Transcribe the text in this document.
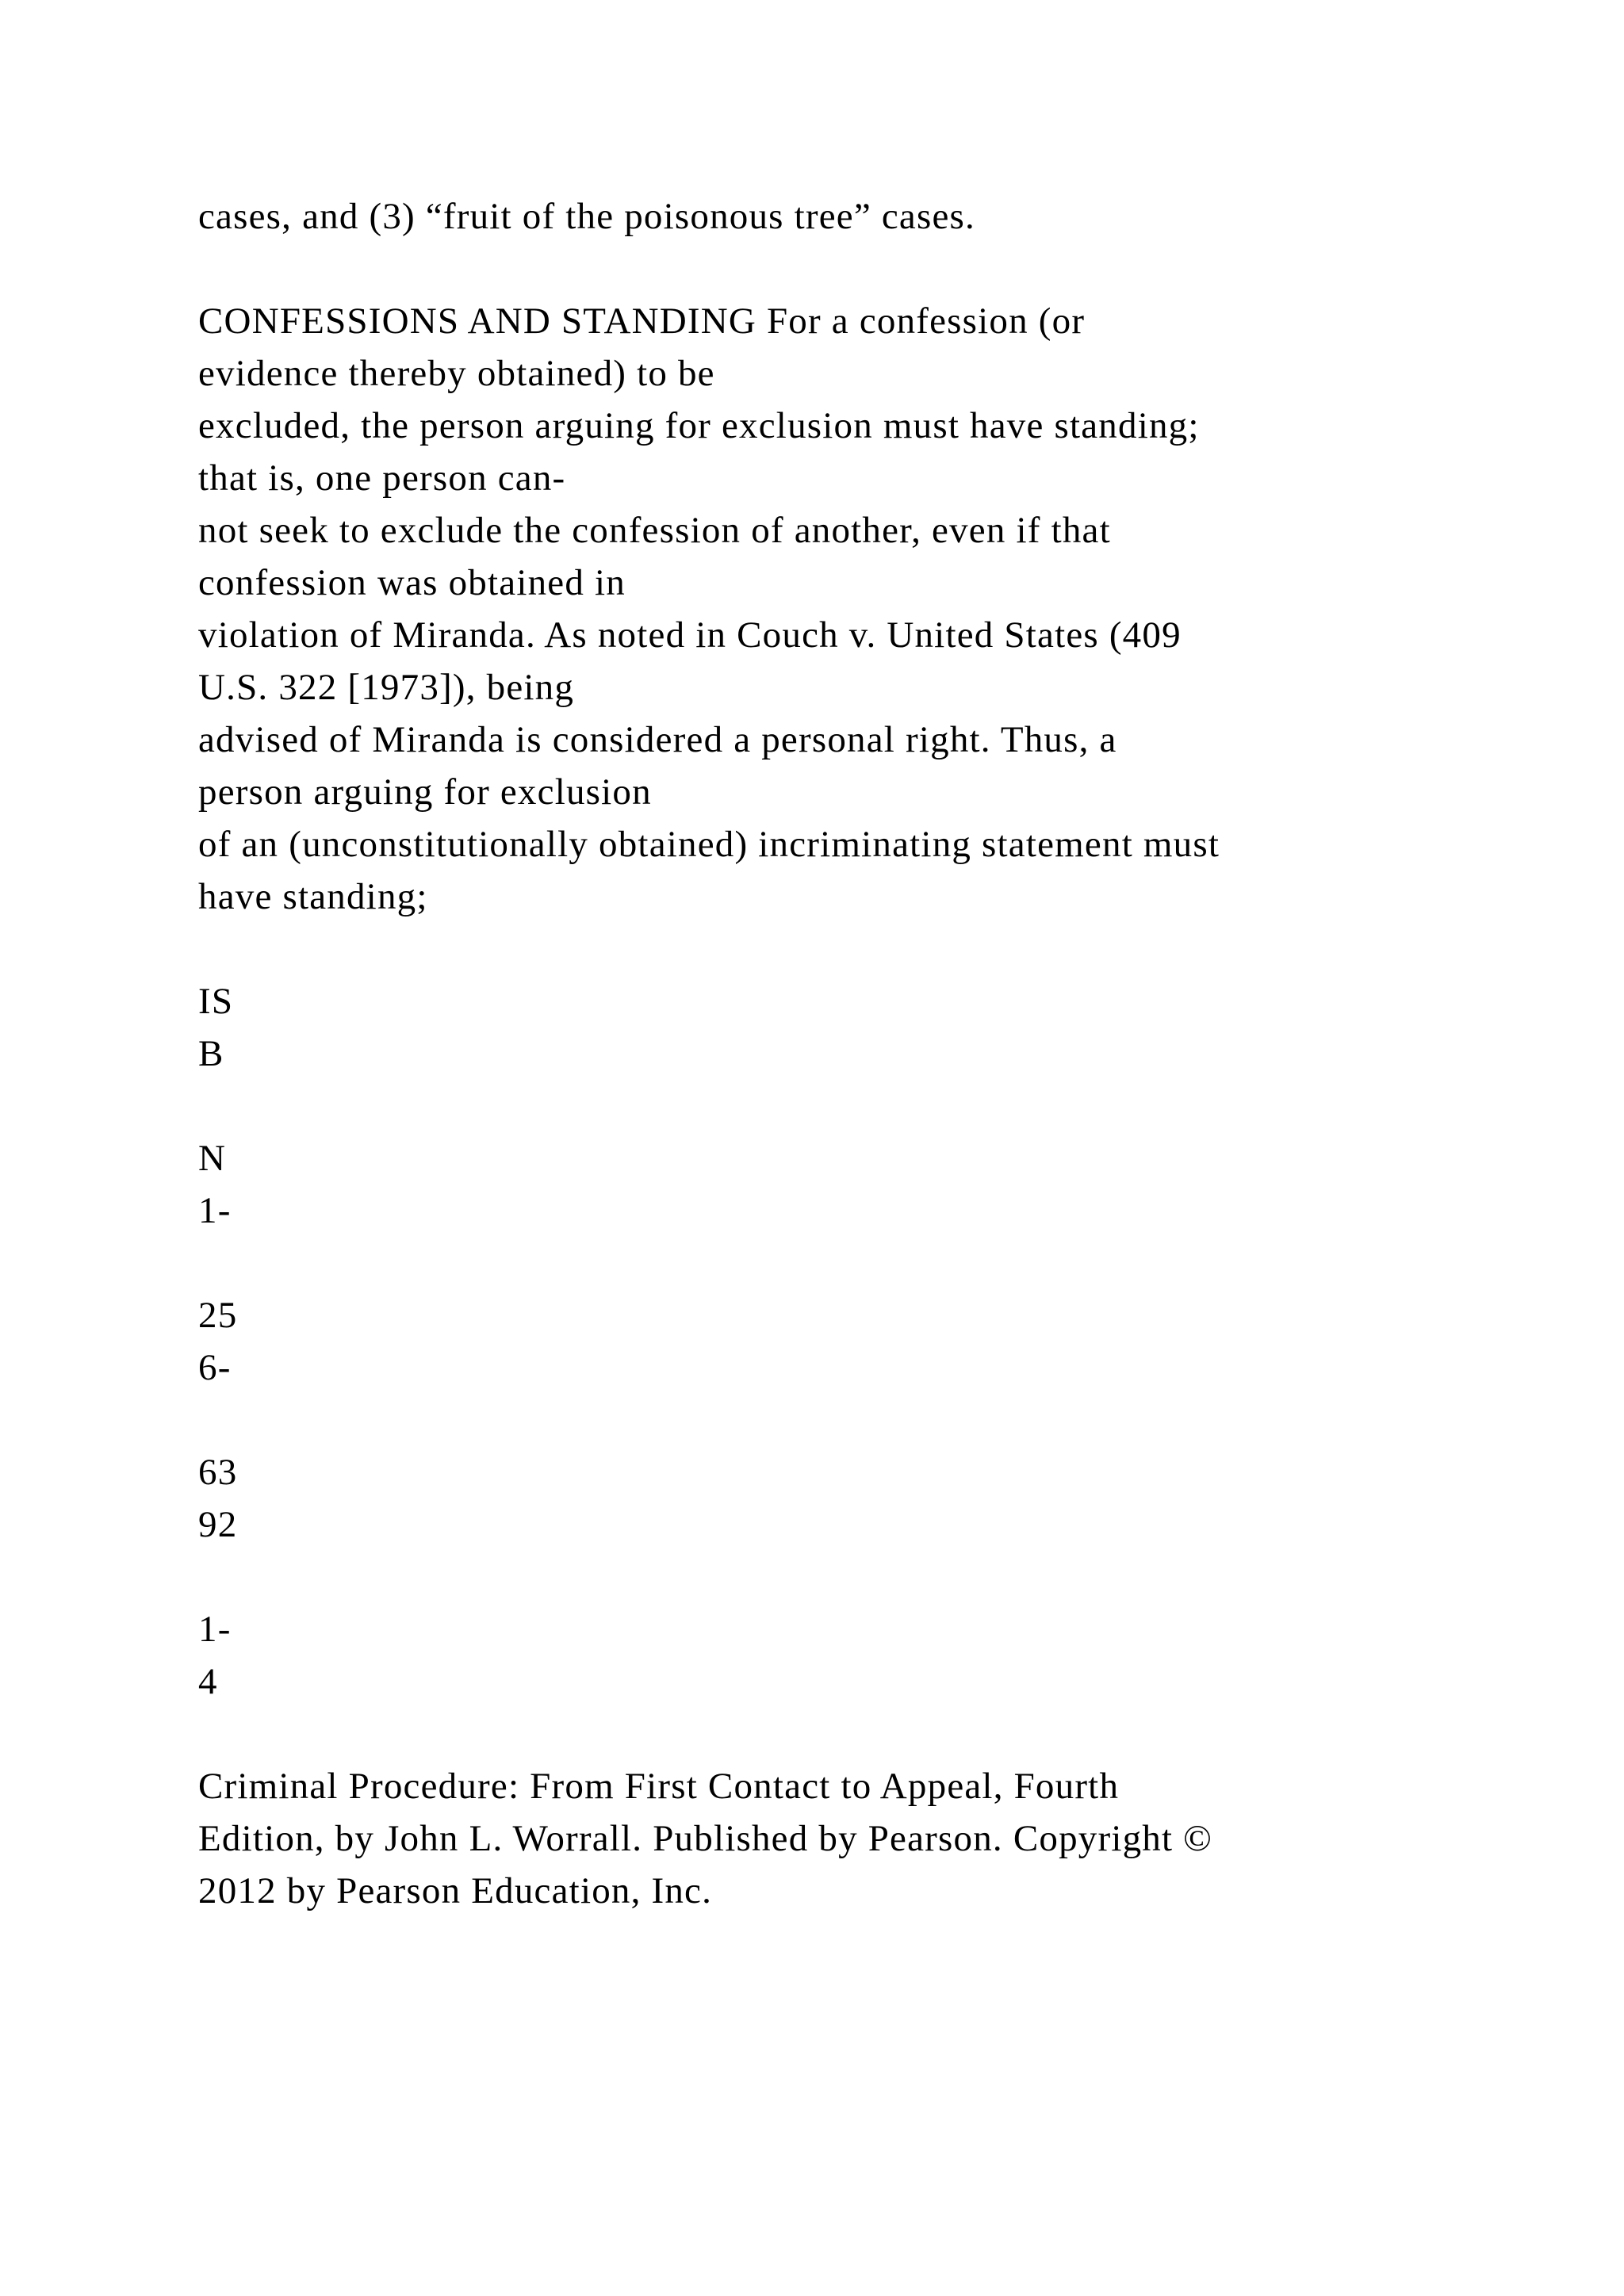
cases, and (3) “fruit of the poisonous tree” cases.
CONFESSIONS AND STANDING For a confession (or
evidence thereby obtained) to be
excluded, the person arguing for exclusion must have standing;
that is, one person can-
not seek to exclude the confession of another, even if that
confession was obtained in
violation of Miranda. As noted in Couch v. United States (409
U.S. 322 [1973]), being
advised of Miranda is considered a personal right. Thus, a
person arguing for exclusion
of an (unconstitutionally obtained) incriminating statement must
have standing;
IS
B
N
1-
25
6-
63
92
1-
4
Criminal Procedure: From First Contact to Appeal, Fourth
Edition, by John L. Worrall. Published by Pearson. Copyright ©
2012 by Pearson Education, Inc.
